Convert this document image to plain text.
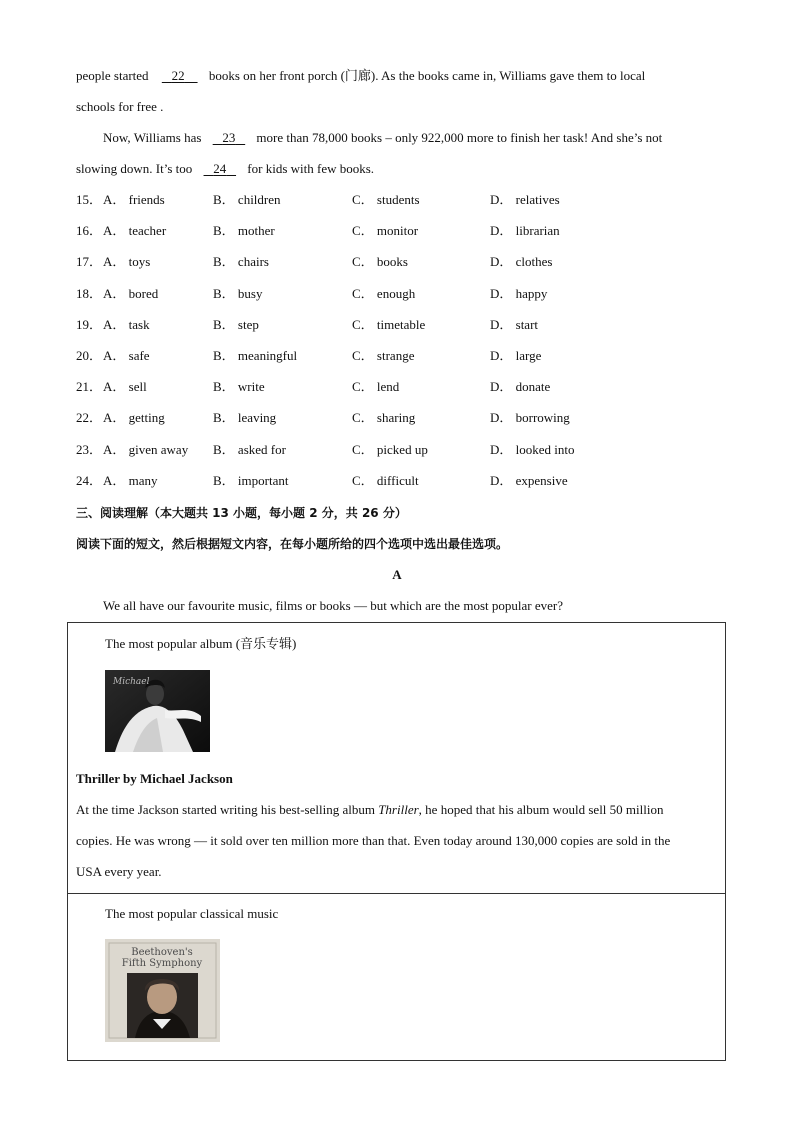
people started 22 books on her front porch (门廊). As the books came in, Williams gave them to local
schools for free .
Now, Williams has 23 more than 78,000 books – only 922,000 more to finish her task! And she’s not
slowing down. It’s too 24 for kids with few books.
15． A． friends	B． children	C． students	D． relatives
16． A． teacher	B． mother	C． monitor	D． librarian
17． A． toys	B． chairs	C． books	D． clothes
18． A． bored	B． busy	C． enough	D． happy
19． A． task	B． step	C． timetable	D． start
20． A． safe	B． meaningful	C． strange	D． large
21． A． sell	B． write	C． lend	D． donate
22． A． getting	B． leaving	C． sharing	D． borrowing
23． A． given away B． asked for	C． picked up	D． looked into
24． A． many	B． important	C． difficult	D． expensive
三、阅读理解（本大题共 13 小题，每小题 2 分，共 26 分）
阅读下面的短文，然后根据短文内容，在每小题所给的四个选项中选出最佳选项。
A
We all have our favourite music, films or books — but which are the most popular ever?
The most popular album (音乐专辑)
Michael
Thriller by Michael Jackson
At the time Jackson started writing his best-selling album Thriller, he hoped that his album would sell 50 million
copies. He was wrong — it sold over ten million more than that. Even today around 130,000 copies are sold in the
USA every year.
The most popular classical music
Beethoven's
Fifth Symphony
